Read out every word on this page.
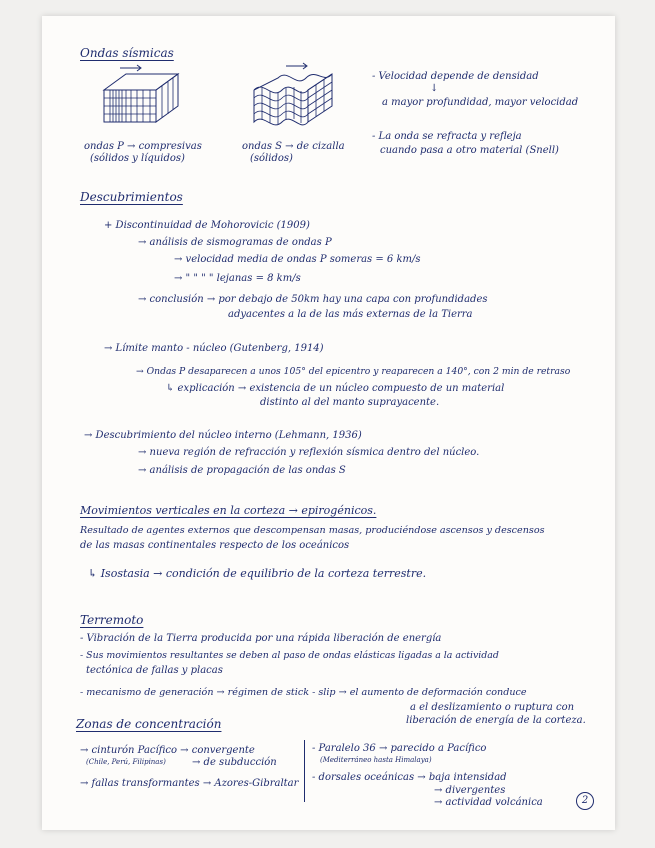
Ondas sísmicas
- Velocidad depende de densidad
↓
a mayor profundidad, mayor velocidad
- La onda se refracta y refleja
cuando pasa a otro material (Snell)
ondas P → compresivas
(sólidos y líquidos)
ondas S → de cizalla
(sólidos)
Descubrimientos
+ Discontinuidad de Mohorovicic (1909)
→ análisis de sismogramas de ondas P
→ velocidad media de ondas P someras = 6 km/s
→ " " " " lejanas = 8 km/s
→ conclusión → por debajo de 50km hay una capa con profundidades
adyacentes a la de las más externas de la Tierra
→ Límite manto - núcleo (Gutenberg, 1914)
→ Ondas P desaparecen a unos 105° del epicentro y reaparecen a 140°, con 2 min de retraso
↳ explicación → existencia de un núcleo compuesto de un material
distinto al del manto suprayacente.
→ Descubrimiento del núcleo interno (Lehmann, 1936)
→ nueva región de refracción y reflexión sísmica dentro del núcleo.
→ análisis de propagación de las ondas S
Movimientos verticales en la corteza → epirogénicos.
Resultado de agentes externos que descompensan masas, produciéndose ascensos y descensos
de las masas continentales respecto de los oceánicos
↳ Isostasia → condición de equilibrio de la corteza terrestre.
Terremoto
- Vibración de la Tierra producida por una rápida liberación de energía
- Sus movimientos resultantes se deben al paso de ondas elásticas ligadas a la actividad
tectónica de fallas y placas
- mecanismo de generación → régimen de stick - slip → el aumento de deformación conduce
a el deslizamiento o ruptura con
liberación de energía de la corteza.
Zonas de concentración
→ cinturón Pacífico → convergente
(Chile, Perú, Filipinas)	→ de subducción
→ fallas transformantes → Azores-Gibraltar
- Paralelo 36 → parecido a Pacífico
(Mediterráneo hasta Himalaya)
- dorsales oceánicas → baja intensidad
→ divergentes
→ actividad volcánica	2
